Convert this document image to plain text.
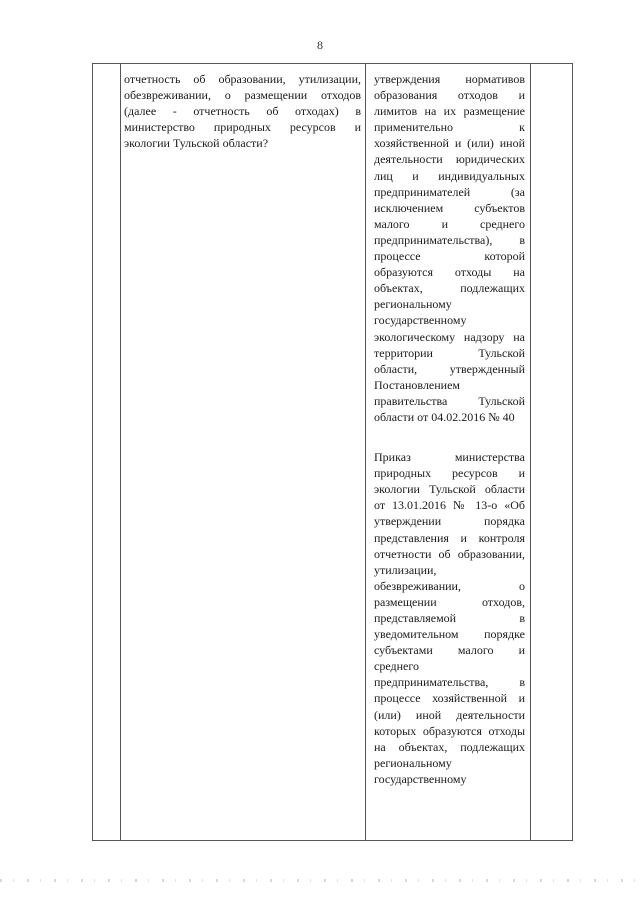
8

отчетность об образовании, утилизации, обезвреживании, о размещении отходов (далее - отчетность об отходах) в министерство природных ресурсов и экологии Тульской области?

утверждения нормативов образования отходов и лимитов на их размещение применительно к хозяйственной и (или) иной деятельности юридических лиц и индивидуальных предпринимателей (за исключением субъектов малого и среднего предпринимательства), в процессе которой образуются отходы на объектах, подлежащих региональному государственному экологическому надзору на территории Тульской области, утвержденный Постановлением правительства Тульской области от 04.02.2016 № 40

Приказ министерства природных ресурсов и экологии Тульской области от 13.01.2016 № 13-о «Об утверждении порядка представления и контроля отчетности об образовании, утилизации, обезвреживании, о размещении отходов, представляемой в уведомительном порядке субъектами малого и среднего предпринимательства, в процессе хозяйственной и (или) иной деятельности которых образуются отходы на объектах, подлежащих региональному государственному
